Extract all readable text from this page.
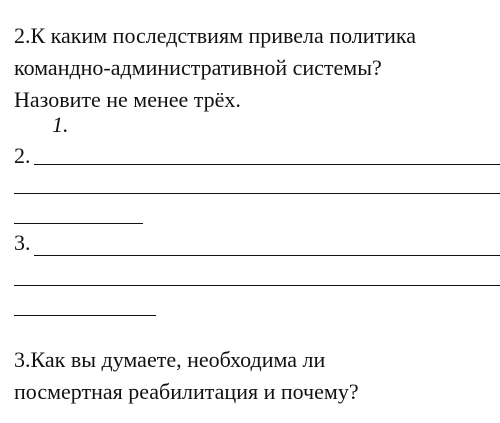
2.К каким последствиям привела политика
командно-административной системы?
Назовите не менее трёх.
1.
2.
3.
3.Как вы думаете, необходима ли
посмертная реабилитация и почему?
